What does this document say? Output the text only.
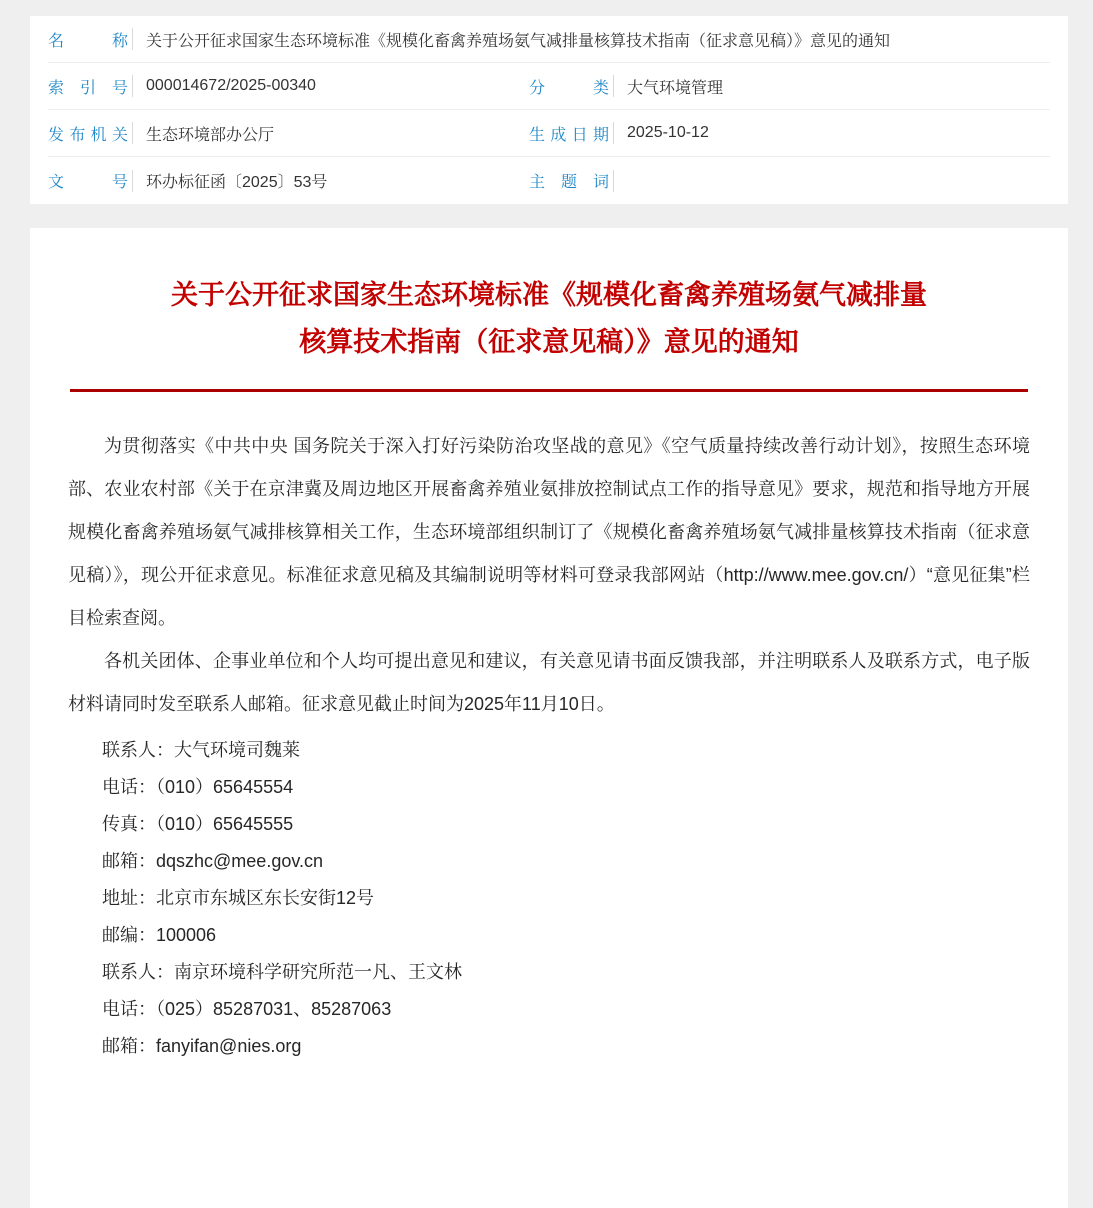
名称 关于公开征求国家生态环境标准《规模化畜禽养殖场氨气减排量核算技术指南（征求意见稿）》意见的通知
索引号 000014672/2025-00340	分类 大气环境管理
发布机关 生态环境部办公厅	生成日期 2025-10-12
文号 环办标征函〔2025〕53号	主题词
关于公开征求国家生态环境标准《规模化畜禽养殖场氨气减排量
核算技术指南（征求意见稿）》意见的通知

为贯彻落实《中共中央 国务院关于深入打好污染防治攻坚战的意见》《空气质量持续改善行动计划》，按照生态环境部、农业农村部《关于在京津冀及周边地区开展畜禽养殖业氨排放控制试点工作的指导意见》要求，规范和指导地方开展规模化畜禽养殖场氨气减排核算相关工作，生态环境部组织制订了《规模化畜禽养殖场氨气减排量核算技术指南（征求意见稿）》，现公开征求意见。标准征求意见稿及其编制说明等材料可登录我部网站（http://www.mee.gov.cn/）“意见征集”栏目检索查阅。

各机关团体、企事业单位和个人均可提出意见和建议，有关意见请书面反馈我部，并注明联系人及联系方式，电子版材料请同时发至联系人邮箱。征求意见截止时间为2025年11月10日。

联系人：大气环境司魏莱
电话：（010）65645554
传真：（010）65645555
邮箱：dqszhc@mee.gov.cn
地址：北京市东城区东长安街12号
邮编：100006
联系人：南京环境科学研究所范一凡、王文林
电话：（025）85287031、85287063
邮箱：fanyifan@nies.org
